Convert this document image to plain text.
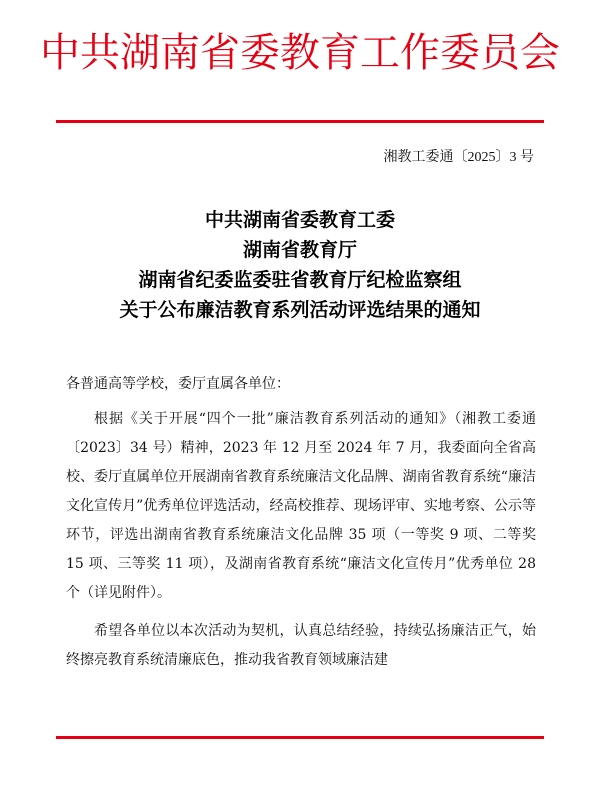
中共湖南省委教育工作委员会

湘教工委通〔2025〕3 号

中共湖南省委教育工委
湖南省教育厅
湖南省纪委监委驻省教育厅纪检监察组
关于公布廉洁教育系列活动评选结果的通知

各普通高等学校，委厅直属各单位：

根据《关于开展“四个一批”廉洁教育系列活动的通知》（湘教工委通〔2023〕34 号）精神，2023 年 12 月至 2024 年 7 月，我委面向全省高校、委厅直属单位开展湖南省教育系统廉洁文化品牌、湖南省教育系统“廉洁文化宣传月”优秀单位评选活动，经高校推荐、现场评审、实地考察、公示等环节，评选出湖南省教育系统廉洁文化品牌 35 项（一等奖 9 项、二等奖 15 项、三等奖 11 项），及湖南省教育系统“廉洁文化宣传月”优秀单位 28 个（详见附件）。

希望各单位以本次活动为契机，认真总结经验，持续弘扬廉洁正气，始终擦亮教育系统清廉底色，推动我省教育领域廉洁建
